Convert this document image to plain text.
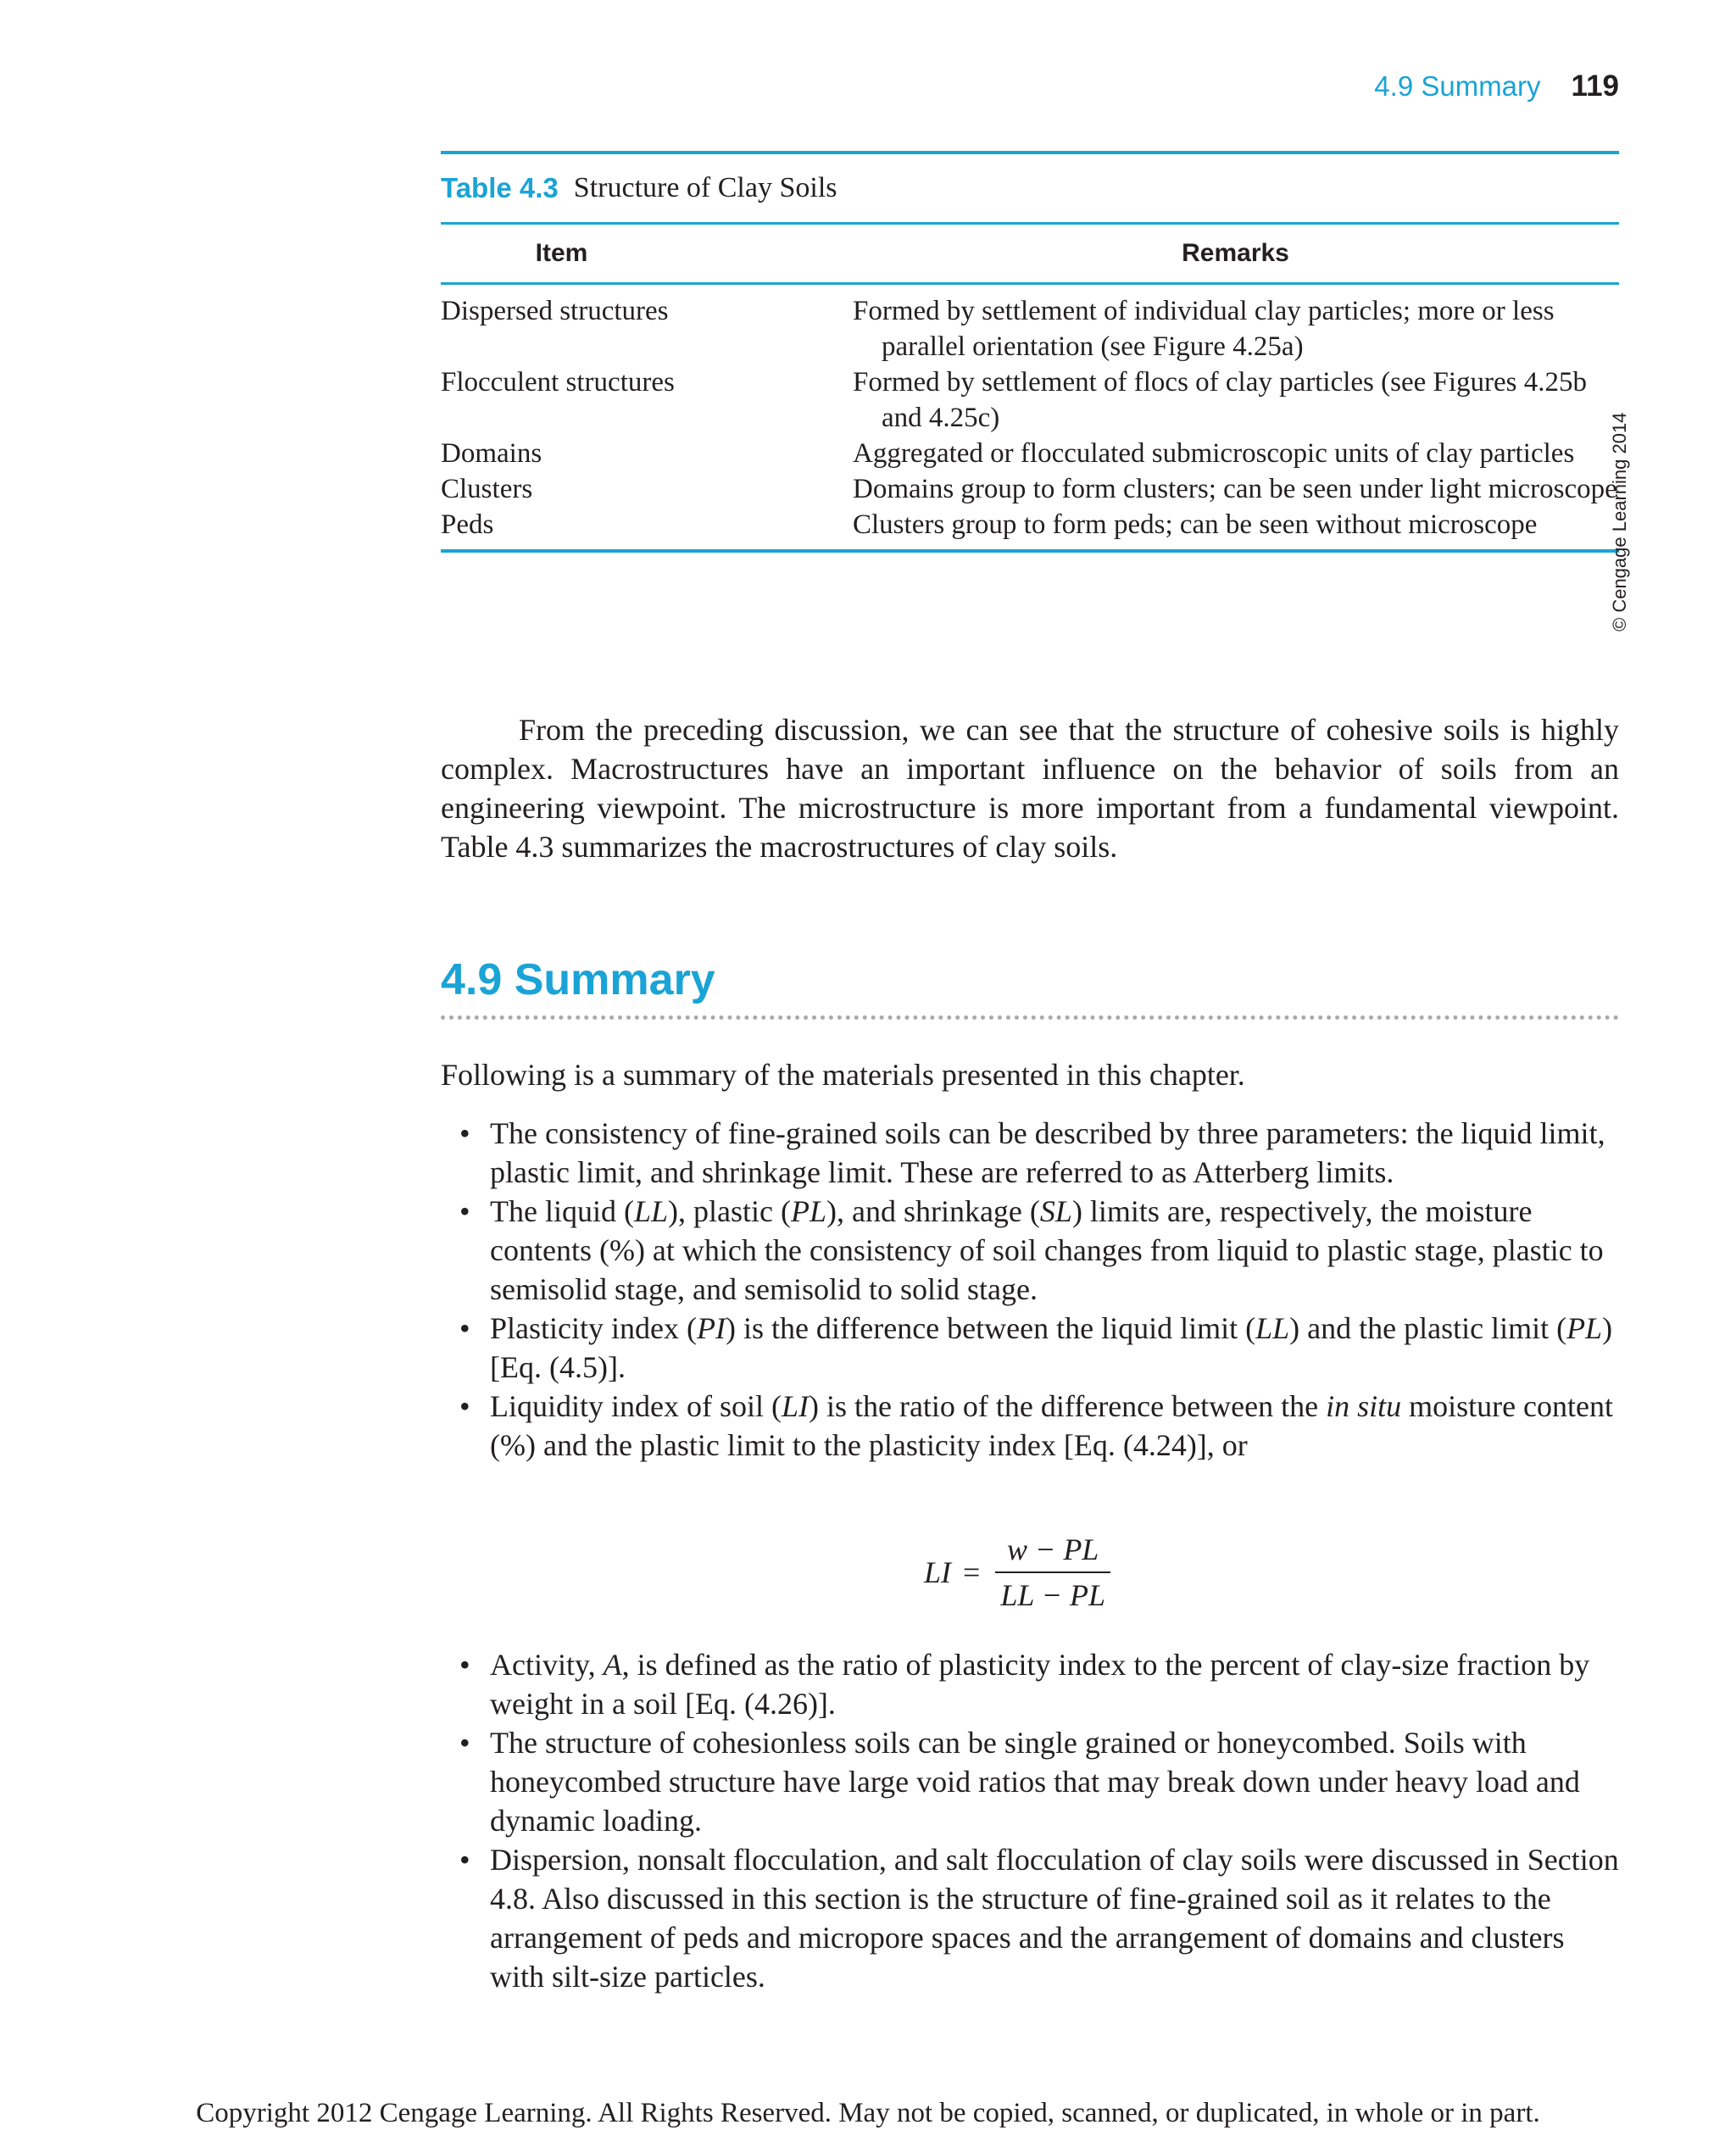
4.9 Summary 119
Table 4.3 Structure of Clay Soils
Item	Remarks
Dispersed structures	Formed by settlement of individual clay particles; more or less parallel orientation (see Figure 4.25a)
Flocculent structures	Formed by settlement of flocs of clay particles (see Figures 4.25b and 4.25c)
Domains	Aggregated or flocculated submicroscopic units of clay particles
Clusters	Domains group to form clusters; can be seen under light microscope
Peds	Clusters group to form peds; can be seen without microscope	© Cengage Learning 2014

From the preceding discussion, we can see that the structure of cohesive soils is highly complex. Macrostructures have an important influence on the behavior of soils from an engineering viewpoint. The microstructure is more important from a fundamental viewpoint. Table 4.3 summarizes the macrostructures of clay soils.

4.9 Summary

Following is a summary of the materials presented in this chapter.

• The consistency of fine-grained soils can be described by three parameters: the liquid limit, plastic limit, and shrinkage limit. These are referred to as Atterberg limits.
• The liquid (LL), plastic (PL), and shrinkage (SL) limits are, respectively, the moisture contents (%) at which the consistency of soil changes from liquid to plastic stage, plastic to semisolid stage, and semisolid to solid stage.
• Plasticity index (PI) is the difference between the liquid limit (LL) and the plastic limit (PL) [Eq. (4.5)].
• Liquidity index of soil (LI) is the ratio of the difference between the in situ moisture content (%) and the plastic limit to the plasticity index [Eq. (4.24)], or
LI = $\frac{w - PL}{LL - PL}$
• Activity, A, is defined as the ratio of plasticity index to the percent of clay-size fraction by weight in a soil [Eq. (4.26)].
• The structure of cohesionless soils can be single grained or honeycombed. Soils with honeycombed structure have large void ratios that may break down under heavy load and dynamic loading.
• Dispersion, nonsalt flocculation, and salt flocculation of clay soils were discussed in Section 4.8. Also discussed in this section is the structure of fine-grained soil as it relates to the arrangement of peds and micropore spaces and the arrangement of domains and clusters with silt-size particles.
Copyright 2012 Cengage Learning. All Rights Reserved. May not be copied, scanned, or duplicated, in whole or in part.
